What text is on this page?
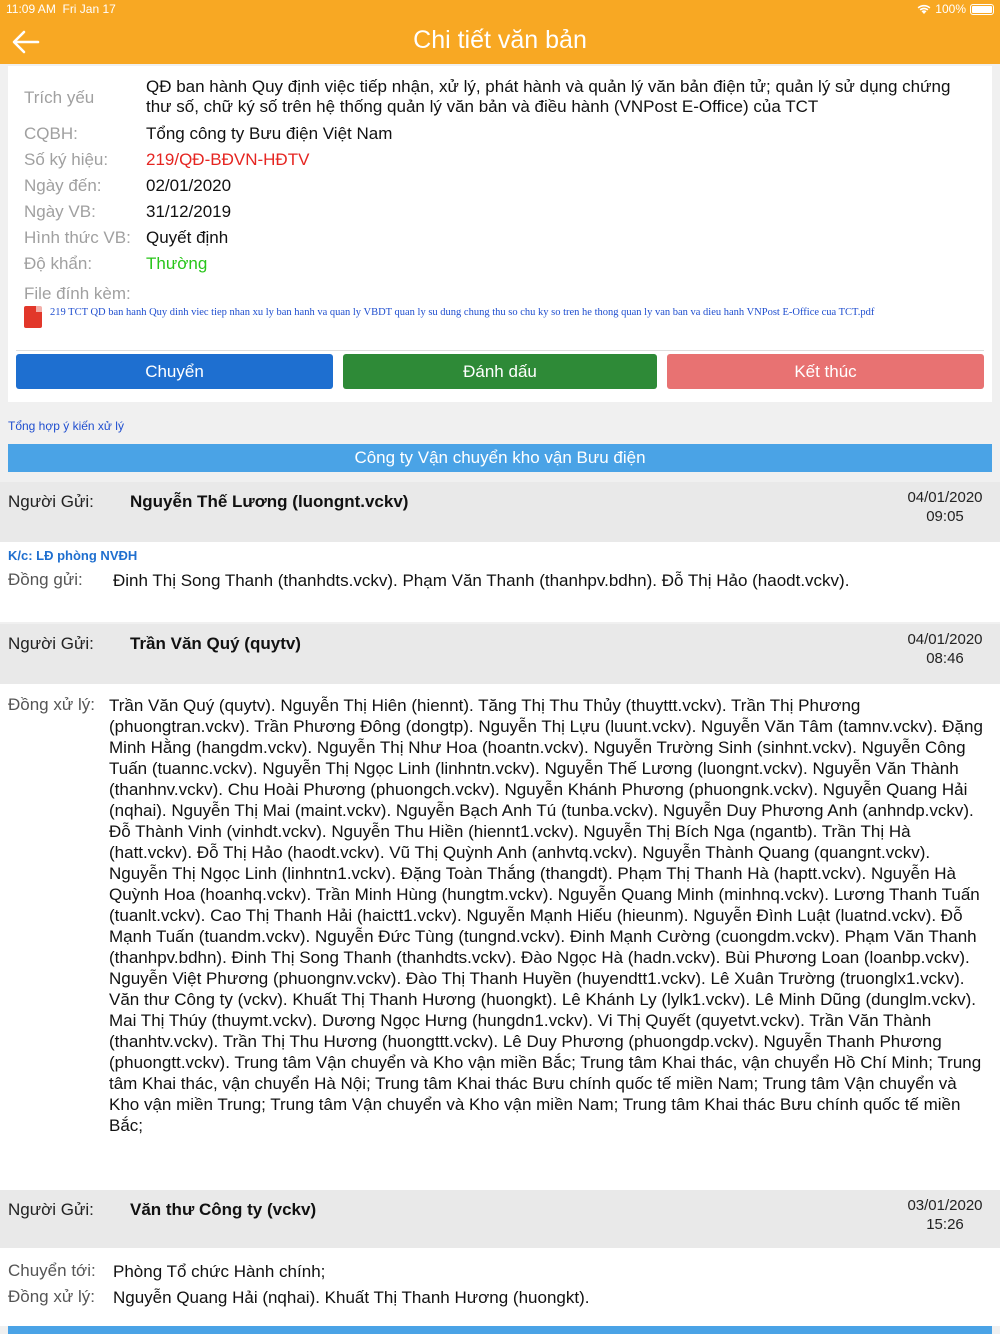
11:09 AM Fri Jan 17	100%
Chi tiết văn bản
Trích yếu
QĐ ban hành Quy định việc tiếp nhận, xử lý, phát hành và quản lý văn bản điện tử; quản lý sử dụng chứng thư số, chữ ký số trên hệ thống quản lý văn bản và điều hành (VNPost E-Office) của TCT
CQBH:	Tổng công ty Bưu điện Việt Nam
Số ký hiệu: 219/QĐ-BĐVN-HĐTV
Ngày đến:	02/01/2020
Ngày VB:	31/12/2019
Hình thức VB: Quyết định
Độ khẩn:	Thường
File đính kèm:
219 TCT QD ban hanh Quy dinh viec tiep nhan xu ly ban hanh va quan ly VBDT quan ly su dung chung thu so chu ky so tren he thong quan ly van ban va dieu hanh VNPost E-Office cua TCT.pdf
Chuyển	Đánh dấu	Kết thúc
Tổng hợp ý kiến xử lý
Công ty Vận chuyển kho vận Bưu điện
Người Gửi: Nguyễn Thế Lương (luongnt.vckv)	04/01/2020
09:05
K/c: LĐ phòng NVĐH
Đồng gửi: Đinh Thị Song Thanh (thanhdts.vckv). Phạm Văn Thanh (thanhpv.bdhn). Đỗ Thị Hảo (haodt.vckv).
Người Gửi: Trần Văn Quý (quytv)	04/01/2020
08:46
Đồng xử lý: Trần Văn Quý (quytv). Nguyễn Thị Hiên (hiennt). Tăng Thị Thu Thủy (thuyttt.vckv). Trần Thị Phương (phuongtran.vckv). Trần Phương Đông (dongtp). Nguyễn Thị Lựu (luunt.vckv). Nguyễn Văn Tâm (tamnv.vckv). Đặng Minh Hằng (hangdm.vckv). Nguyễn Thị Như Hoa (hoantn.vckv). Nguyễn Trường Sinh (sinhnt.vckv). Nguyễn Công Tuấn (tuannc.vckv). Nguyễn Thị Ngọc Linh (linhntn.vckv). Nguyễn Thế Lương (luongnt.vckv). Nguyễn Văn Thành (thanhnv.vckv). Chu Hoài Phương (phuongch.vckv). Nguyễn Khánh Phương (phuongnk.vckv). Nguyễn Quang Hải (nqhai). Nguyễn Thị Mai (maint.vckv). Nguyễn Bạch Anh Tú (tunba.vckv). Nguyễn Duy Phương Anh (anhndp.vckv). Đỗ Thành Vinh (vinhdt.vckv). Nguyễn Thu Hiền (hiennt1.vckv). Nguyễn Thị Bích Nga (ngantb). Trần Thị Hà (hatt.vckv). Đỗ Thị Hảo (haodt.vckv). Vũ Thị Quỳnh Anh (anhvtq.vckv). Nguyễn Thành Quang (quangnt.vckv). Nguyễn Thị Ngọc Linh (linhntn1.vckv). Đặng Toàn Thắng (thangdt). Phạm Thị Thanh Hà (haptt.vckv). Nguyễn Hà Quỳnh Hoa (hoanhq.vckv). Trần Minh Hùng (hungtm.vckv). Nguyễn Quang Minh (minhnq.vckv). Lương Thanh Tuấn (tuanlt.vckv). Cao Thị Thanh Hải (haictt1.vckv). Nguyễn Mạnh Hiếu (hieunm). Nguyễn Đình Luật (luatnd.vckv). Đỗ Mạnh Tuấn (tuandm.vckv). Nguyễn Đức Tùng (tungnd.vckv). Đinh Mạnh Cường (cuongdm.vckv). Phạm Văn Thanh (thanhpv.bdhn). Đinh Thị Song Thanh (thanhdts.vckv). Đào Ngọc Hà (hadn.vckv). Bùi Phương Loan (loanbp.vckv). Nguyễn Việt Phương (phuongnv.vckv). Đào Thị Thanh Huyền (huyendtt1.vckv). Lê Xuân Trường (truonglx1.vckv). Văn thư Công ty (vckv). Khuất Thị Thanh Hương (huongkt). Lê Khánh Ly (lylk1.vckv). Lê Minh Dũng (dunglm.vckv). Mai Thị Thúy (thuymt.vckv). Dương Ngọc Hưng (hungdn1.vckv). Vi Thị Quyết (quyetvt.vckv). Trần Văn Thành (thanhtv.vckv). Trần Thị Thu Hương (huongttt.vckv). Lê Duy Phương (phuongdp.vckv). Nguyễn Thanh Phương (phuongtt.vckv). Trung tâm Vận chuyển và Kho vận miền Bắc; Trung tâm Khai thác, vận chuyển Hồ Chí Minh; Trung tâm Khai thác, vận chuyển Hà Nội; Trung tâm Khai thác Bưu chính quốc tế miền Nam; Trung tâm Vận chuyển và Kho vận miền Trung; Trung tâm Vận chuyển và Kho vận miền Nam; Trung tâm Khai thác Bưu chính quốc tế miền Bắc;
Người Gửi: Văn thư Công ty (vckv)	03/01/2020
15:26
Chuyển tới: Phòng Tổ chức Hành chính;
Đồng xử lý: Nguyễn Quang Hải (nqhai). Khuất Thị Thanh Hương (huongkt).
